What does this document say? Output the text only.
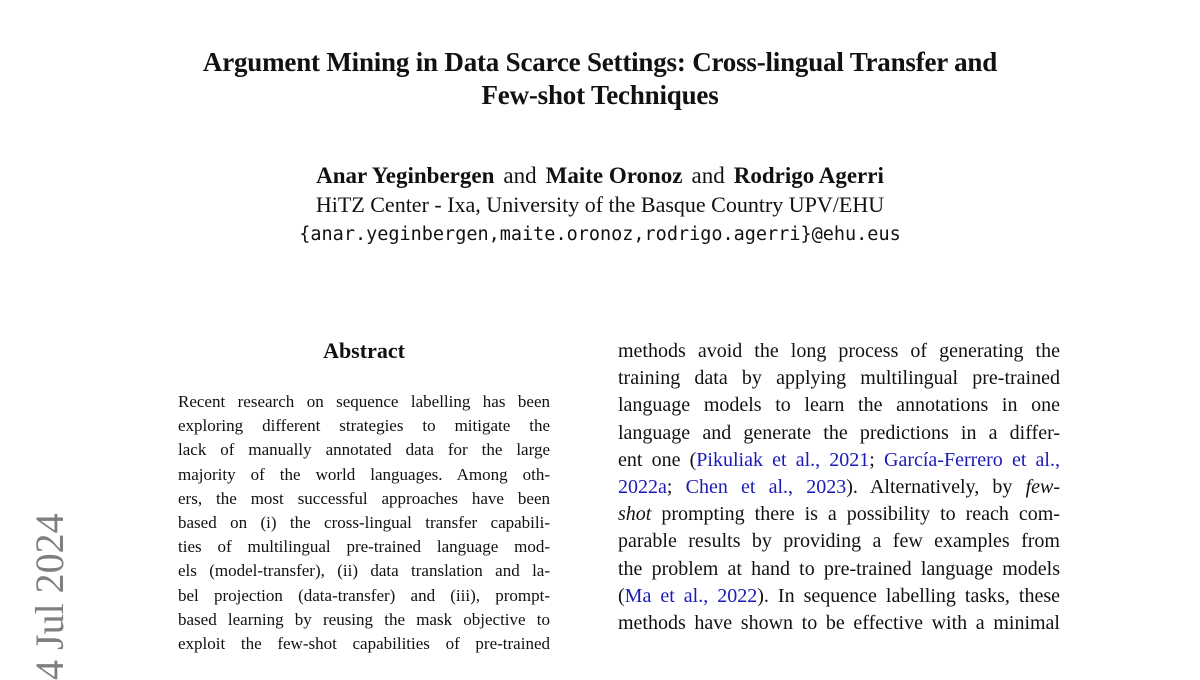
Argument Mining in Data Scarce Settings: Cross-lingual Transfer and
Few-shot Techniques
Anar Yeginbergen and Maite Oronoz and Rodrigo Agerri
HiTZ Center - Ixa, University of the Basque Country UPV/EHU
{anar.yeginbergen,maite.oronoz,rodrigo.agerri}@ehu.eus
Abstract
Recent research on sequence labelling has been
exploring different strategies to mitigate the
lack of manually annotated data for the large
majority of the world languages. Among oth-
ers, the most successful approaches have been
based on (i) the cross-lingual transfer capabili-
ties of multilingual pre-trained language mod-
els (model-transfer), (ii) data translation and la-
bel projection (data-transfer) and (iii), prompt-
based learning by reusing the mask objective to
exploit the few-shot capabilities of pre-trained
methods avoid the long process of generating the
training data by applying multilingual pre-trained
language models to learn the annotations in one
language and generate the predictions in a differ-
ent one (Pikuliak et al., 2021; García-Ferrero et al.,
2022a; Chen et al., 2023). Alternatively, by few-
shot prompting there is a possibility to reach com-
parable results by providing a few examples from
the problem at hand to pre-trained language models
(Ma et al., 2022). In sequence labelling tasks, these
methods have shown to be effective with a minimal
4 Jul 2024
